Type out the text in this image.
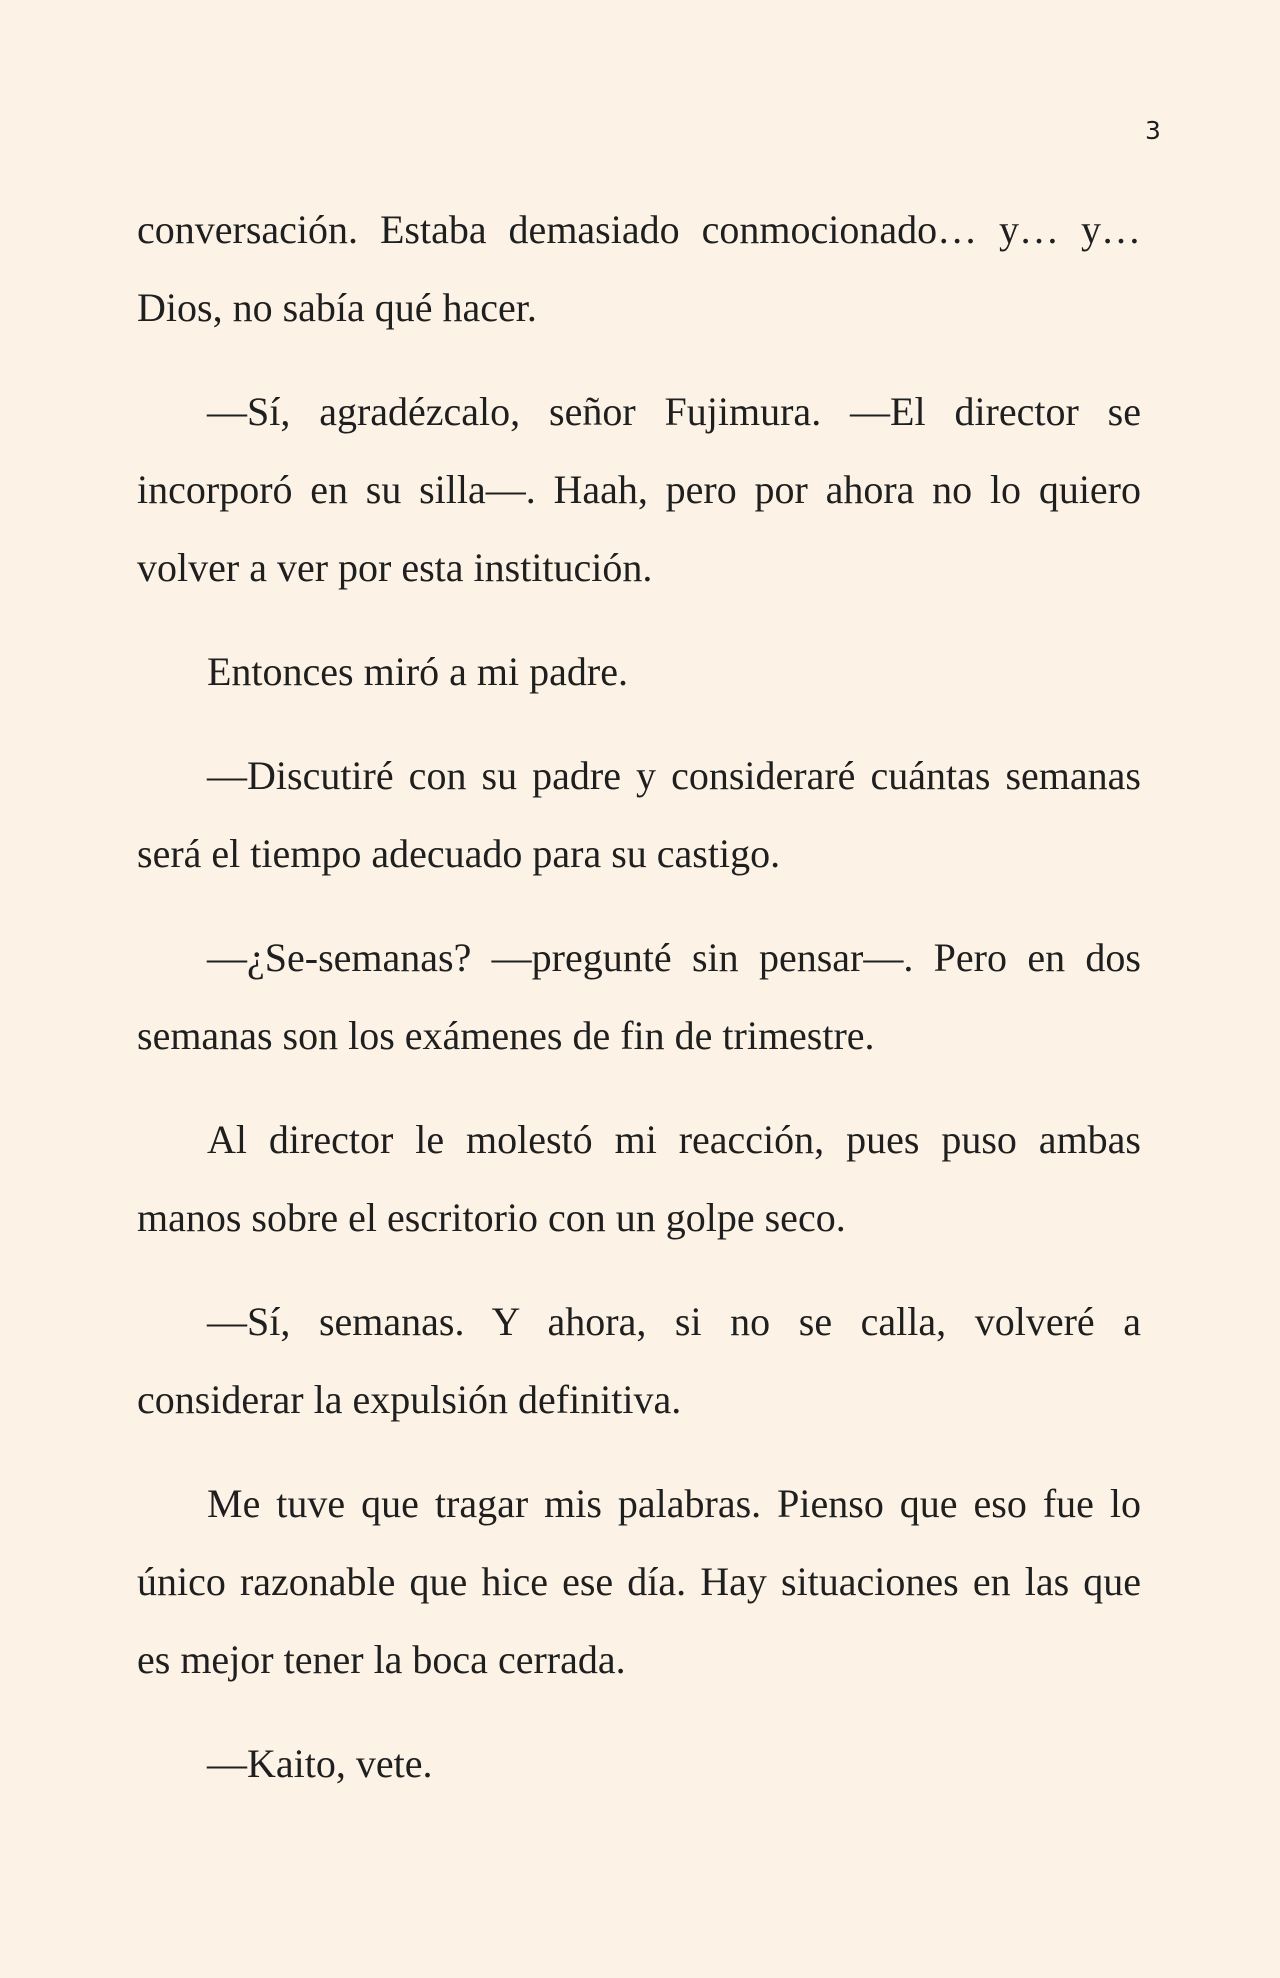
3

conversación. Estaba demasiado conmocionado… y… y… Dios, no sabía qué hacer.

—Sí, agradézcalo, señor Fujimura. —El director se incorporó en su silla—. Haah, pero por ahora no lo quiero volver a ver por esta institución.

Entonces miró a mi padre.

—Discutiré con su padre y consideraré cuántas semanas será el tiempo adecuado para su castigo.

—¿Se-semanas? —pregunté sin pensar—. Pero en dos semanas son los exámenes de fin de trimestre.

Al director le molestó mi reacción, pues puso ambas manos sobre el escritorio con un golpe seco.

—Sí, semanas. Y ahora, si no se calla, volveré a considerar la expulsión definitiva.

Me tuve que tragar mis palabras. Pienso que eso fue lo único razonable que hice ese día. Hay situaciones en las que es mejor tener la boca cerrada.

—Kaito, vete.
